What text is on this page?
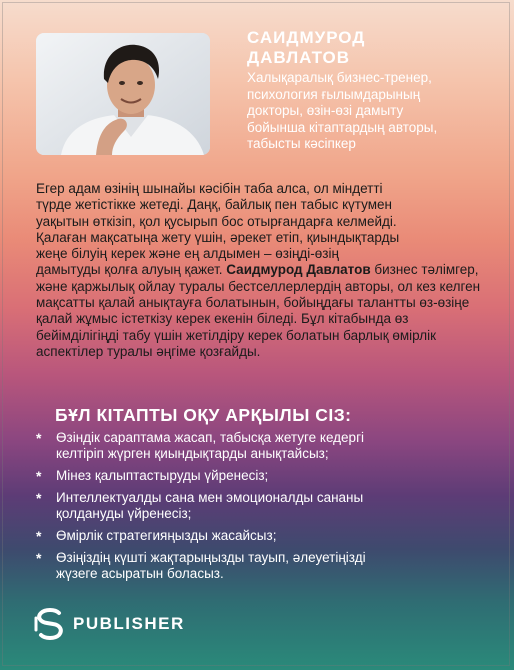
САИДМУРОД
ДАВЛАТОВ
Халықаралық бизнес-тренер,
психология ғылымдарының
докторы, өзін-өзі дамыту
бойынша кітаптардың авторы,
табысты кәсіпкер

Егер адам өзінің шынайы кәсібін таба алса, ол міндетті
түрде жетістікке жетеді. Даңқ, байлық пен табыс күтумен
уақытын өткізіп, қол қусырып бос отырғандарға келмейді.
Қалаған мақсатыңа жету үшін, әрекет етіп, қиындықтарды
жеңе білуің керек және ең алдымен – өзіңді-өзің
дамытуды қолға алуың қажет. Саидмурод Давлатов бизнес тәлімгер, және қаржылық ойлау туралы бестселлерлердің авторы, ол кез келген мақсатты қалай анықтауға болатынын, бойыңдағы талантты өз-өзіңе қалай жұмыс істеткізу керек екенін біледі. Бұл кітабында өз бейімділігіңді табу үшін жетілдіру керек болатын барлық өмірлік аспектілер туралы әңгіме қозғайды.

БҰЛ КІТАПТЫ ОҚУ АРҚЫЛЫ СІЗ:
* Өзіндік сараптама жасап, табысқа жетуге кедергі
келтіріп жүрген қиындықтарды анықтайсыз;
* Мінез қалыптастыруды үйренесіз;
* Интеллектуалды сана мен эмоционалды сананы
қолдануды үйренесіз;
* Өмірлік стратегияңызды жасайсыз;
* Өзіңіздің күшті жақтарыңызды тауып, әлеуетіңізді
жүзеге асыратын боласыз.
PUBLISHER
